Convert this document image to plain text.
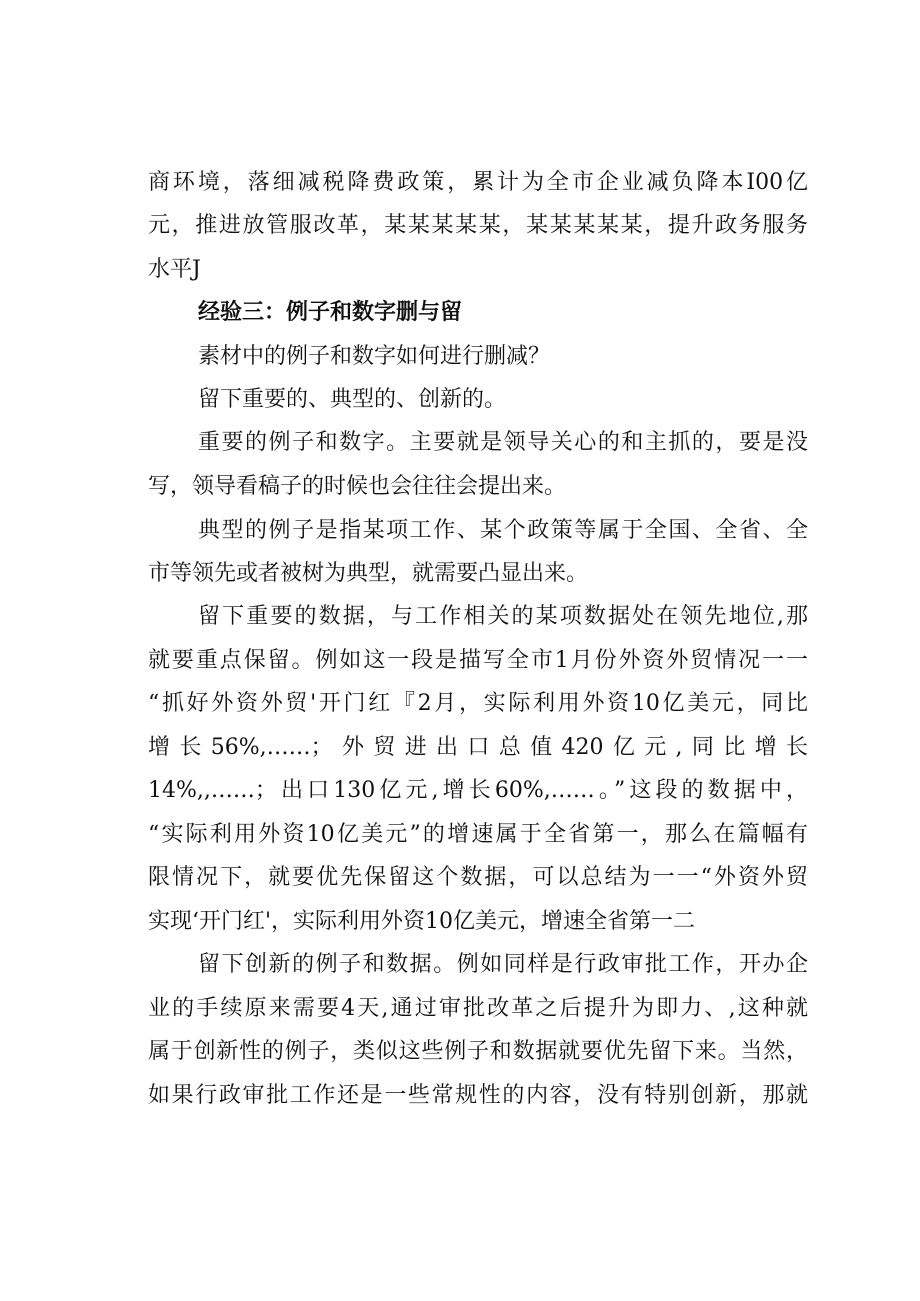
商环境，落细减税降费政策，累计为全市企业减负降本I00亿
元，推进放管服改革，某某某某某，某某某某某，提升政务服务
水平J
经验三：例子和数字删与留
素材中的例子和数字如何进行删减？
留下重要的、典型的、创新的。
重要的例子和数字。主要就是领导关心的和主抓的，要是没
写，领导看稿子的时候也会往往会提出来。
典型的例子是指某项工作、某个政策等属于全国、全省、全
市等领先或者被树为典型，就需要凸显出来。
留下重要的数据，与工作相关的某项数据处在领先地位,那
就要重点保留。例如这一段是描写全市1月份外资外贸情况一一
“抓好外资外贸'开门红『2月，实际利用外资10亿美元，同比
增长56%,……；外贸进出口总值420亿元,同比增长
14%,,……；出口130亿元,增长60%,……。”这段的数据中，
“实际利用外资10亿美元”的增速属于全省第一，那么在篇幅有
限情况下，就要优先保留这个数据，可以总结为一一“外资外贸
实现‘开门红'，实际利用外资10亿美元，增速全省第一二
留下创新的例子和数据。例如同样是行政审批工作，开办企
业的手续原来需要4天,通过审批改革之后提升为即力、,这种就
属于创新性的例子，类似这些例子和数据就要优先留下来。当然，
如果行政审批工作还是一些常规性的内容，没有特别创新，那就
